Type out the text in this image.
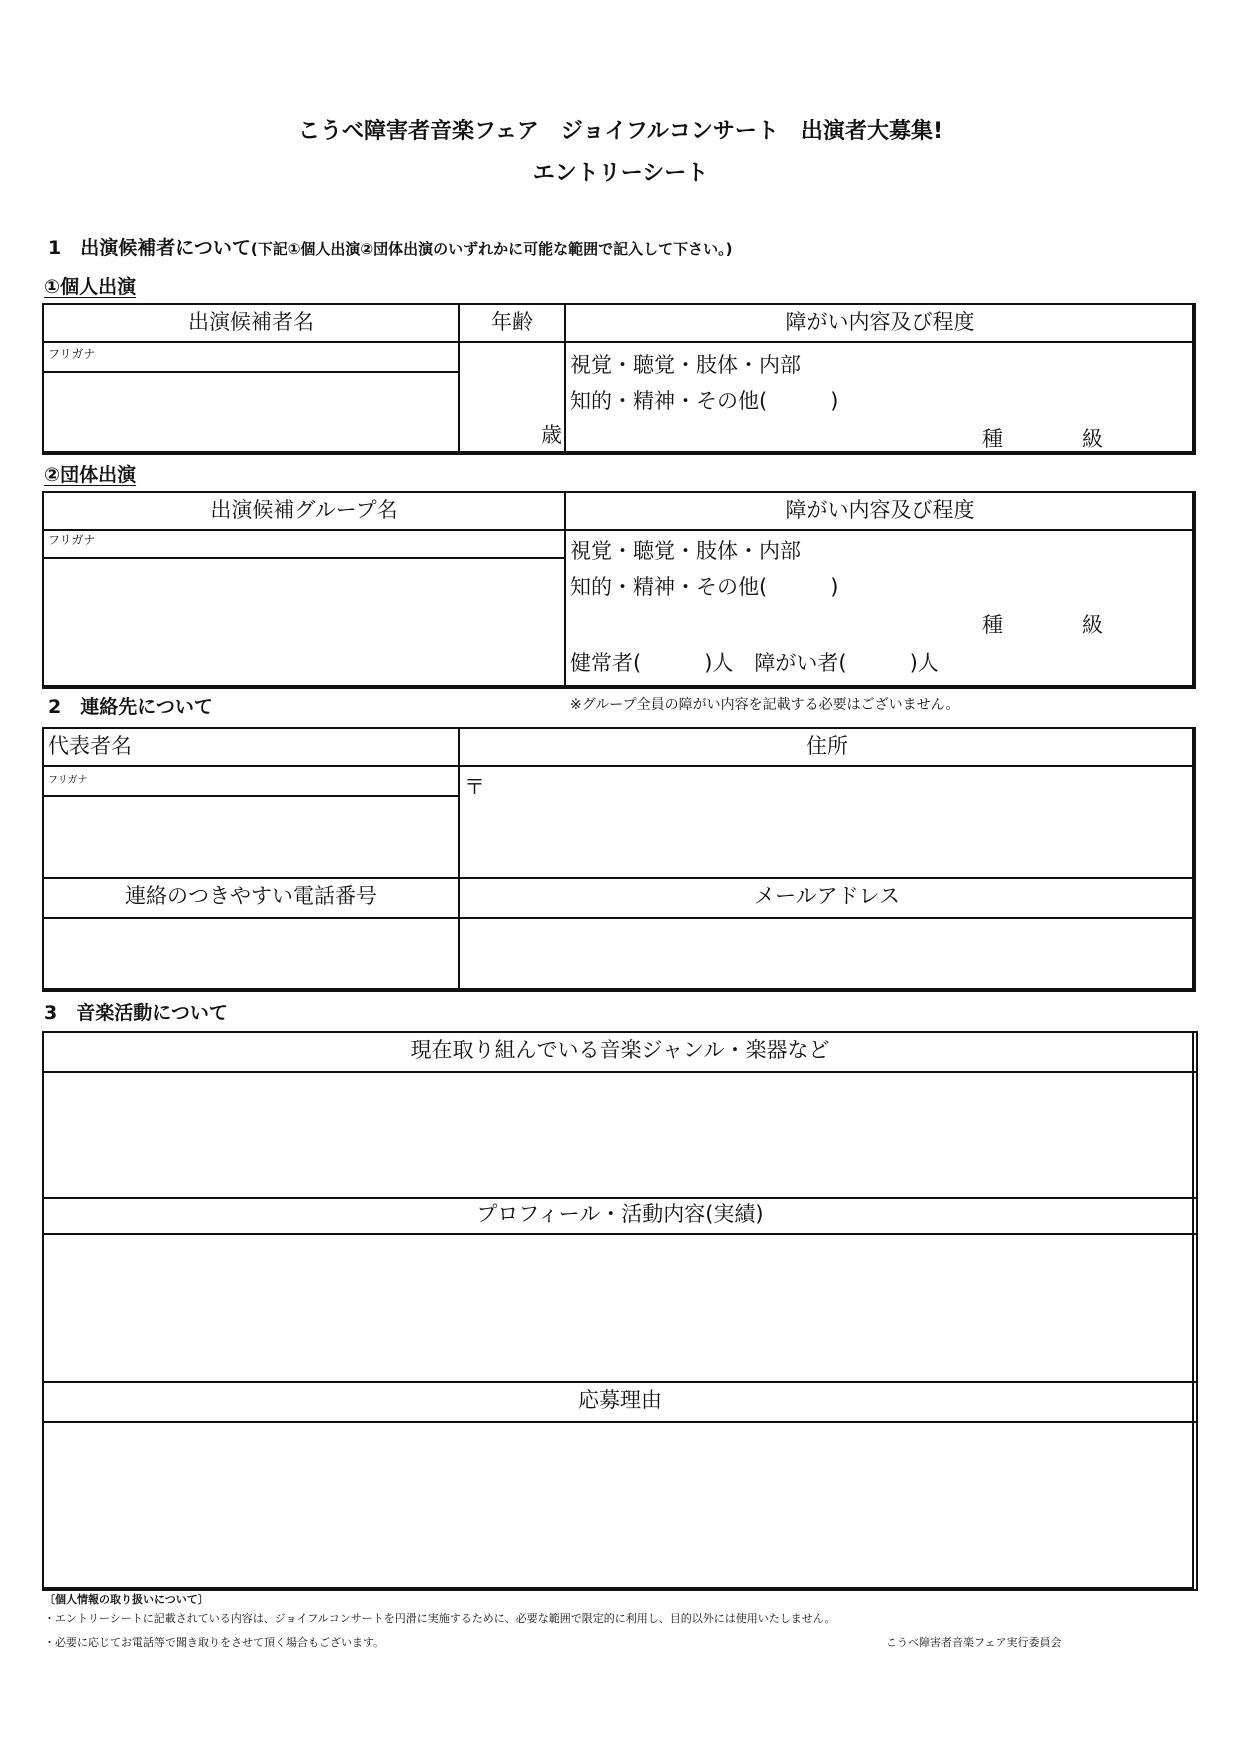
こうべ障害者音楽フェア　ジョイフルコンサート　出演者大募集!
エントリーシート
1　出演候補者について(下記①個人出演②団体出演のいずれかに可能な範囲で記入して下さい。)
①個人出演
出演候補者名	年齢	障がい内容及び程度
フリガナ
歳
視覚・聴覚・肢体・内部
知的・精神・その他(　　　)
種	級
②団体出演
出演候補グループ名	障がい内容及び程度
フリガナ	視覚・聴覚・肢体・内部
知的・精神・その他(　　　)
種	級
健常者(　　　)人　障がい者(　　　)人
2　連絡先について	※グループ全員の障がい内容を記載する必要はございません。
代表者名	住所
フリガナ	〒
連絡のつきやすい電話番号	メールアドレス
3　音楽活動について
現在取り組んでいる音楽ジャンル・楽器など
プロフィール・活動内容(実績)
応募理由
〔個人情報の取り扱いについて〕
・エントリーシートに記載されている内容は、ジョイフルコンサートを円滑に実施するために、必要な範囲で限定的に利用し、目的以外には使用いたしません。
・必要に応じてお電話等で聞き取りをさせて頂く場合もございます。	こうべ障害者音楽フェア実行委員会
